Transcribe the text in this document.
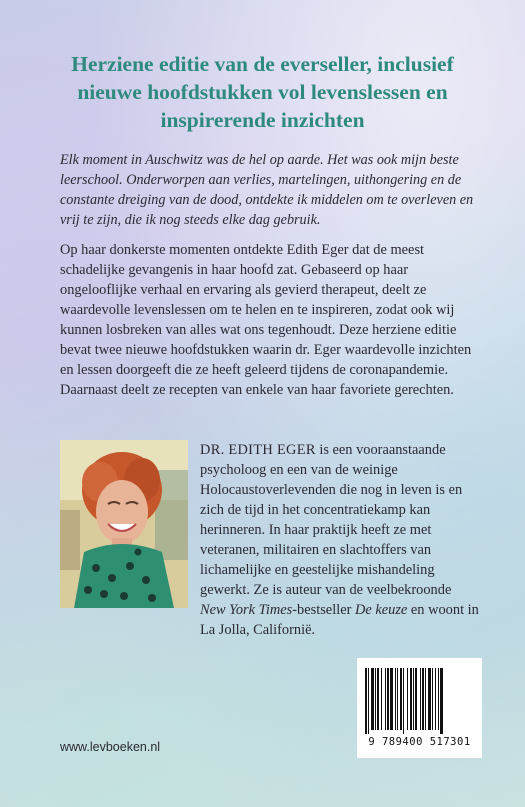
Herziene editie van de everseller, inclusief
nieuwe hoofdstukken vol levenslessen en
inspirerende inzichten

Elk moment in Auschwitz was de hel op aarde. Het was ook mijn beste leerschool. Onderworpen aan verlies, martelingen, uithongering en de constante dreiging van de dood, ontdekte ik middelen om te overleven en vrij te zijn, die ik nog steeds elke dag gebruik.

Op haar donkerste momenten ontdekte Edith Eger dat de meest schadelijke gevangenis in haar hoofd zat. Gebaseerd op haar ongelooflijke verhaal en ervaring als gevierd therapeut, deelt ze waardevolle levenslessen om te helen en te inspireren, zodat ook wij kunnen losbreken van alles wat ons tegenhoudt. Deze herziene editie bevat twee nieuwe hoofdstukken waarin dr. Eger waardevolle inzichten en lessen doorgeeft die ze heeft geleerd tijdens de coronapandemie. Daarnaast deelt ze recepten van enkele van haar favoriete gerechten.

DR. EDITH EGER is een vooraanstaande psycholoog en een van de weinige Holocaustoverlevenden die nog in leven is en zich de tijd in het concentratiekamp kan herinneren. In haar praktijk heeft ze met veteranen, militairen en slachtoffers van lichamelijke en geestelijke mishandeling gewerkt. Ze is auteur van de veelbekroonde New York Times-bestseller De keuze en woont in La Jolla, Californië.

9 789400 517301
www.levboeken.nl
